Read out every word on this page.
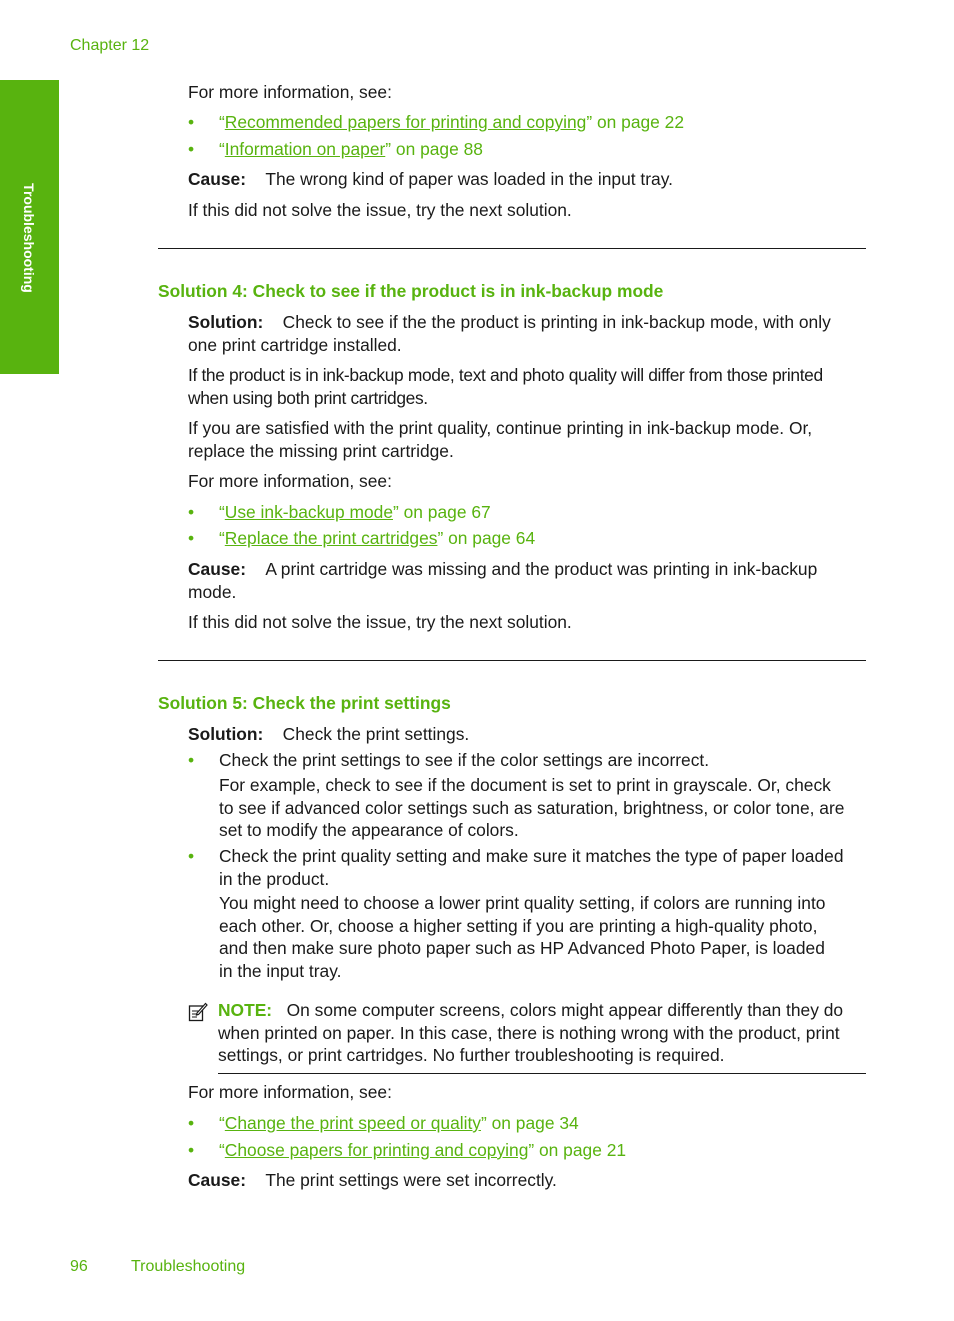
Chapter 12
Troubleshooting
For more information, see:
• “Recommended papers for printing and copying” on page 22
• “Information on paper” on page 88
Cause: The wrong kind of paper was loaded in the input tray.
If this did not solve the issue, try the next solution.
Solution 4: Check to see if the product is in ink-backup mode
Solution: Check to see if the the product is printing in ink-backup mode, with only
one print cartridge installed.
If the product is in ink-backup mode, text and photo quality will differ from those printed
when using both print cartridges.
If you are satisfied with the print quality, continue printing in ink-backup mode. Or,
replace the missing print cartridge.
For more information, see:
• “Use ink-backup mode” on page 67
• “Replace the print cartridges” on page 64
Cause: A print cartridge was missing and the product was printing in ink-backup
mode.
If this did not solve the issue, try the next solution.
Solution 5: Check the print settings
Solution: Check the print settings.
• Check the print settings to see if the color settings are incorrect.
For example, check to see if the document is set to print in grayscale. Or, check
to see if advanced color settings such as saturation, brightness, or color tone, are
set to modify the appearance of colors.
• Check the print quality setting and make sure it matches the type of paper loaded
in the product.
You might need to choose a lower print quality setting, if colors are running into
each other. Or, choose a higher setting if you are printing a high-quality photo,
and then make sure photo paper such as HP Advanced Photo Paper, is loaded
in the input tray.
NOTE: On some computer screens, colors might appear differently than they do
when printed on paper. In this case, there is nothing wrong with the product, print
settings, or print cartridges. No further troubleshooting is required.
For more information, see:
• “Change the print speed or quality” on page 34
• “Choose papers for printing and copying” on page 21
Cause: The print settings were set incorrectly.
96	Troubleshooting
